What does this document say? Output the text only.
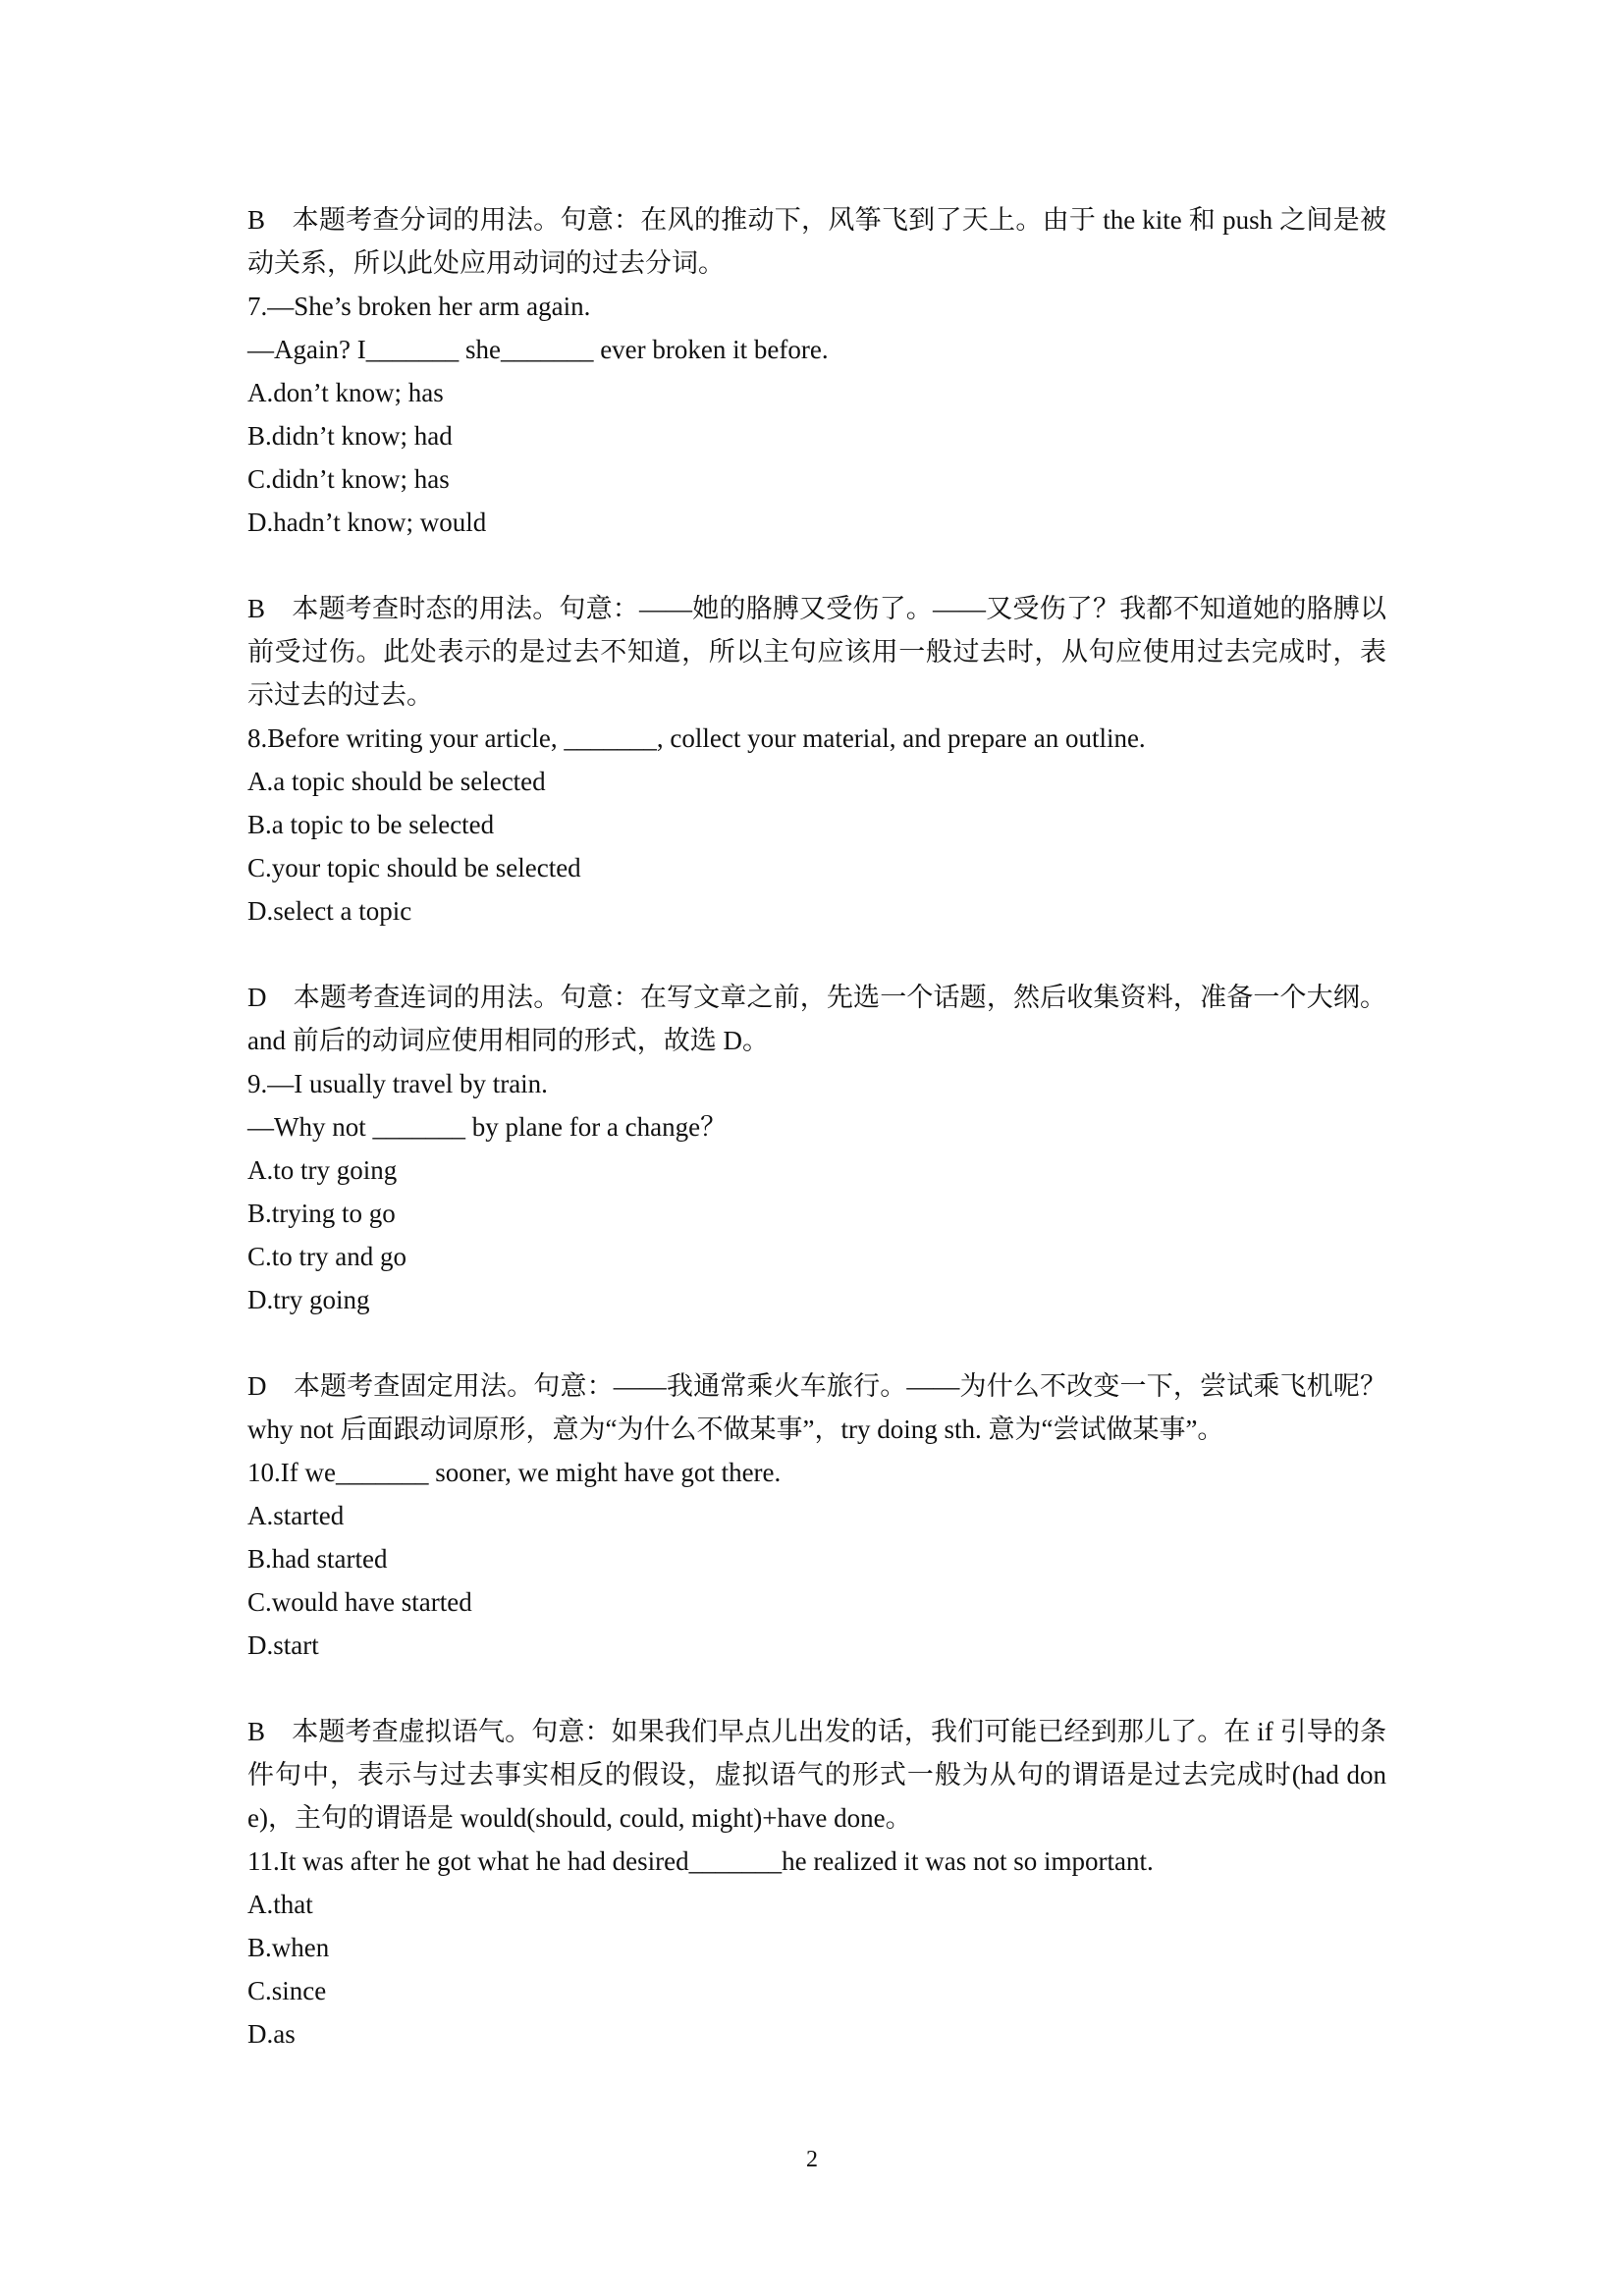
B　本题考查分词的用法。句意：在风的推动下，风筝飞到了天上。由于 the kite 和 push 之间是被动关系，所以此处应用动词的过去分词。

7.—She’s broken her arm again.

—Again? I_______ she_______ ever broken it before.

A.don’t know; has

B.didn’t know; had

C.didn’t know; has

D.hadn’t know; would

B　本题考查时态的用法。句意：——她的胳膊又受伤了。——又受伤了？我都不知道她的胳膊以前受过伤。此处表示的是过去不知道，所以主句应该用一般过去时，从句应使用过去完成时，表示过去的过去。

8.Before writing your article, _______, collect your material, and prepare an outline.

A.a topic should be selected

B.a topic to be selected

C.your topic should be selected

D.select a topic

D　本题考查连词的用法。句意：在写文章之前，先选一个话题，然后收集资料，准备一个大纲。and 前后的动词应使用相同的形式，故选 D。

9.—I usually travel by train.

—Why not _______ by plane for a change？

A.to try going

B.trying to go

C.to try and go

D.try going

D　本题考查固定用法。句意：——我通常乘火车旅行。——为什么不改变一下，尝试乘飞机呢？why not 后面跟动词原形，意为“为什么不做某事”，try doing sth. 意为“尝试做某事”。

10.If we_______ sooner, we might have got there.

A.started

B.had started

C.would have started

D.start

B　本题考查虚拟语气。句意：如果我们早点儿出发的话，我们可能已经到那儿了。在 if 引导的条件句中，表示与过去事实相反的假设，虚拟语气的形式一般为从句的谓语是过去完成时(had done)，主句的谓语是 would(should, could, might)+have done。

11.It was after he got what he had desired_______he realized it was not so important.

A.that

B.when

C.since

D.as

2
